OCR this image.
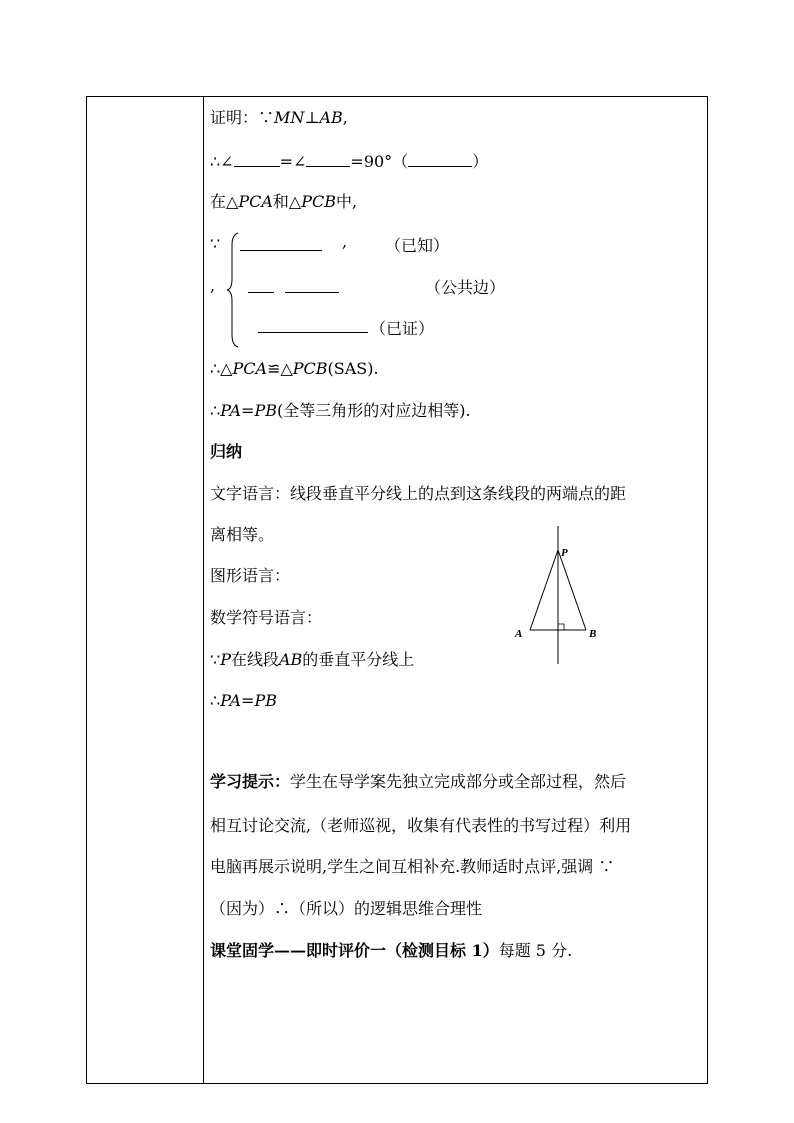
证明：∵MN⊥AB,
∴∠	=∠	=90°（	）
在△PCA和△PCB中,
∵
,
, （已知）
（公共边）
（已证）
∴△PCA≌△PCB(SAS).
∴PA=PB(全等三角形的对应边相等).
归纳
文字语言：线段垂直平分线上的点到这条线段的两端点的距
离相等。
图形语言：
数学符号语言：
∵P在线段AB的垂直平分线上
∴PA=PB
P
A	B
学习提示：学生在导学案先独立完成部分或全部过程，然后
相互讨论交流,（老师巡视，收集有代表性的书写过程）利用
电脑再展示说明,学生之间互相补充.教师适时点评,强调 ∵
（因为）∴（所以）的逻辑思维合理性
课堂固学——即时评价一（检测目标 1）每题 5 分.
